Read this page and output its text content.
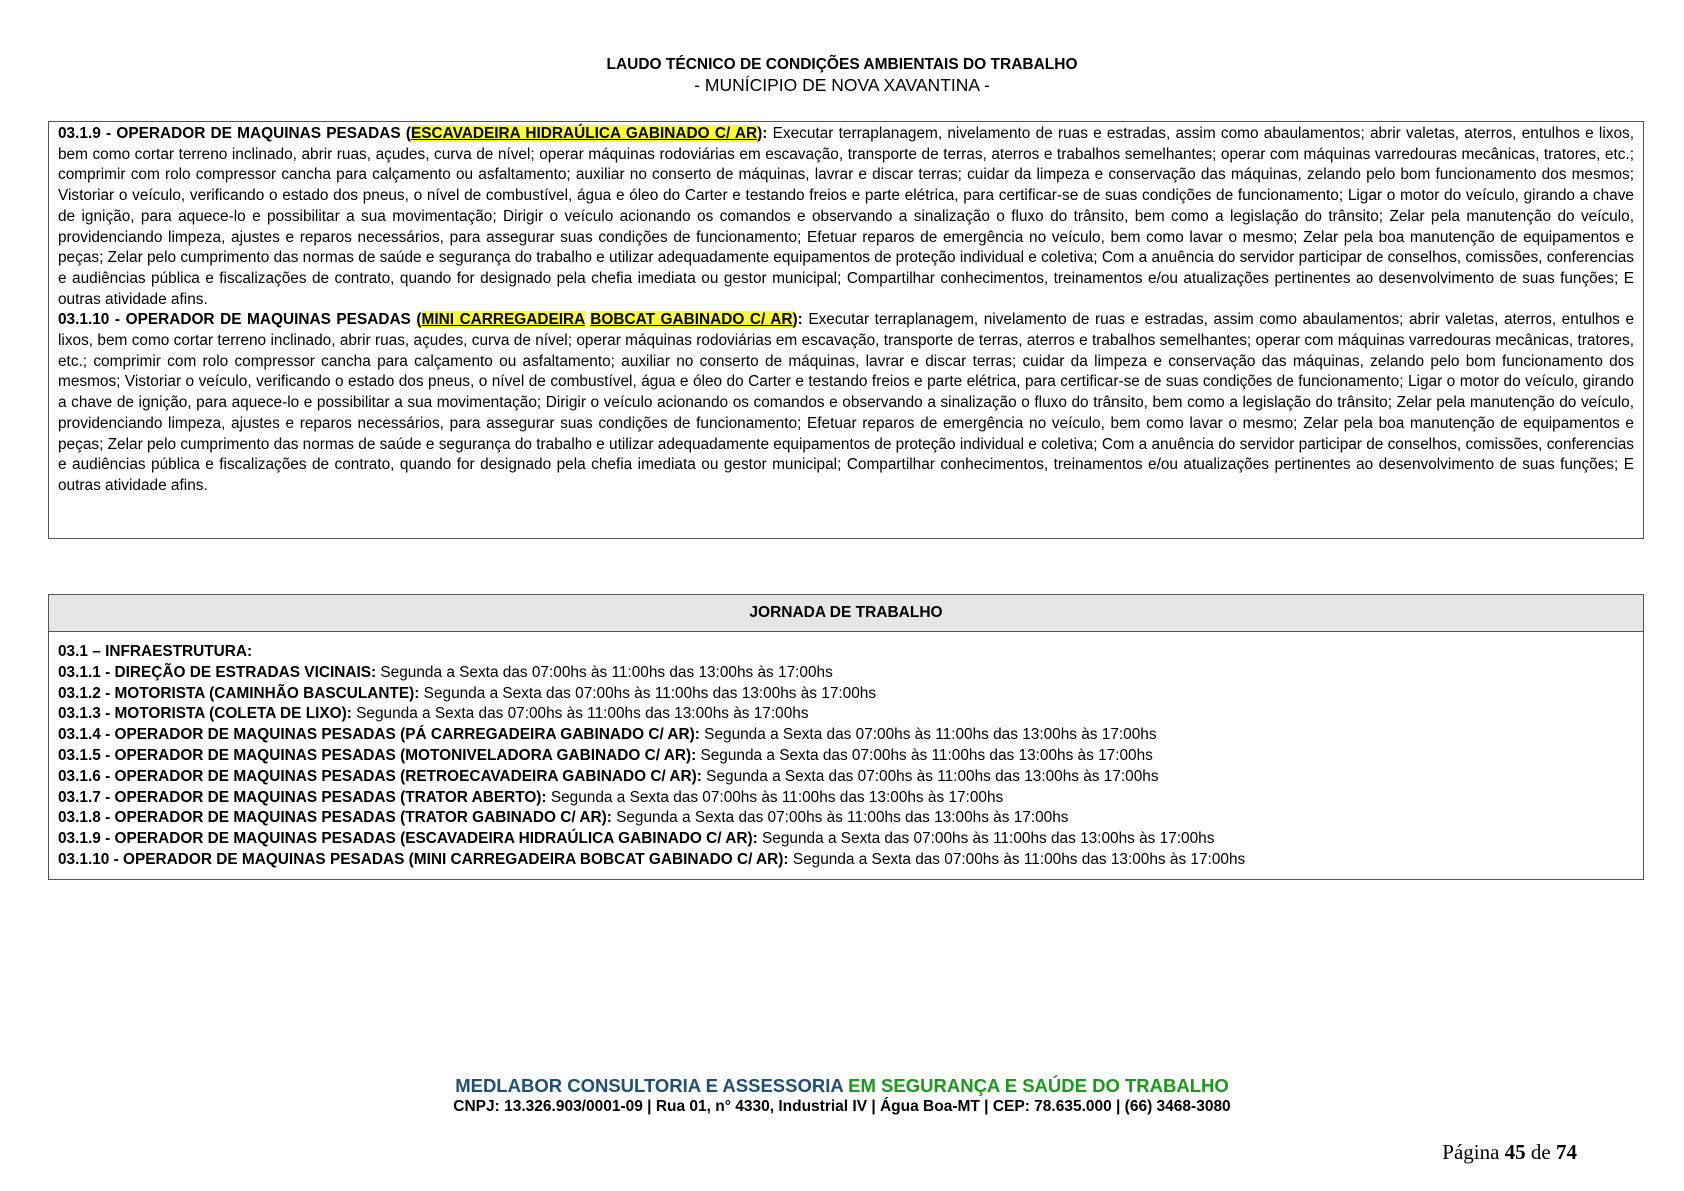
LAUDO TÉCNICO DE CONDIÇÕES AMBIENTAIS DO TRABALHO
- MUNÍCIPIO DE NOVA XAVANTINA -

03.1.9 - OPERADOR DE MAQUINAS PESADAS (ESCAVADEIRA HIDRAÚLICA GABINADO C/ AR): Executar terraplanagem, nivelamento de ruas e estradas, assim como abaulamentos; abrir valetas, aterros, entulhos e lixos, bem como cortar terreno inclinado, abrir ruas, açudes, curva de nível; operar máquinas rodoviárias em escavação, transporte de terras, aterros e trabalhos semelhantes; operar com máquinas varredouras mecânicas, tratores, etc.; comprimir com rolo compressor cancha para calçamento ou asfaltamento; auxiliar no conserto de máquinas, lavrar e discar terras; cuidar da limpeza e conservação das máquinas, zelando pelo bom funcionamento dos mesmos; Vistoriar o veículo, verificando o estado dos pneus, o nível de combustível, água e óleo do Carter e testando freios e parte elétrica, para certificar-se de suas condições de funcionamento; Ligar o motor do veículo, girando a chave de ignição, para aquece-lo e possibilitar a sua movimentação; Dirigir o veículo acionando os comandos e observando a sinalização o fluxo do trânsito, bem como a legislação do trânsito; Zelar pela manutenção do veículo, providenciando limpeza, ajustes e reparos necessários, para assegurar suas condições de funcionamento; Efetuar reparos de emergência no veículo, bem como lavar o mesmo; Zelar pela boa manutenção de equipamentos e peças; Zelar pelo cumprimento das normas de saúde e segurança do trabalho e utilizar adequadamente equipamentos de proteção individual e coletiva; Com a anuência do servidor participar de conselhos, comissões, conferencias e audiências pública e fiscalizações de contrato, quando for designado pela chefia imediata ou gestor municipal; Compartilhar conhecimentos, treinamentos e/ou atualizações pertinentes ao desenvolvimento de suas funções; E outras atividade afins.

03.1.10 - OPERADOR DE MAQUINAS PESADAS (MINI CARREGADEIRA BOBCAT GABINADO C/ AR): Executar terraplanagem, nivelamento de ruas e estradas, assim como abaulamentos; abrir valetas, aterros, entulhos e lixos, bem como cortar terreno inclinado, abrir ruas, açudes, curva de nível; operar máquinas rodoviárias em escavação, transporte de terras, aterros e trabalhos semelhantes; operar com máquinas varredouras mecânicas, tratores, etc.; comprimir com rolo compressor cancha para calçamento ou asfaltamento; auxiliar no conserto de máquinas, lavrar e discar terras; cuidar da limpeza e conservação das máquinas, zelando pelo bom funcionamento dos mesmos; Vistoriar o veículo, verificando o estado dos pneus, o nível de combustível, água e óleo do Carter e testando freios e parte elétrica, para certificar-se de suas condições de funcionamento; Ligar o motor do veículo, girando a chave de ignição, para aquece-lo e possibilitar a sua movimentação; Dirigir o veículo acionando os comandos e observando a sinalização o fluxo do trânsito, bem como a legislação do trânsito; Zelar pela manutenção do veículo, providenciando limpeza, ajustes e reparos necessários, para assegurar suas condições de funcionamento; Efetuar reparos de emergência no veículo, bem como lavar o mesmo; Zelar pela boa manutenção de equipamentos e peças; Zelar pelo cumprimento das normas de saúde e segurança do trabalho e utilizar adequadamente equipamentos de proteção individual e coletiva; Com a anuência do servidor participar de conselhos, comissões, conferencias e audiências pública e fiscalizações de contrato, quando for designado pela chefia imediata ou gestor municipal; Compartilhar conhecimentos, treinamentos e/ou atualizações pertinentes ao desenvolvimento de suas funções; E outras atividade afins.

JORNADA DE TRABALHO
03.1 – INFRAESTRUTURA:
03.1.1 - DIREÇÃO DE ESTRADAS VICINAIS: Segunda a Sexta das 07:00hs às 11:00hs das 13:00hs às 17:00hs
03.1.2 - MOTORISTA (CAMINHÃO BASCULANTE): Segunda a Sexta das 07:00hs às 11:00hs das 13:00hs às 17:00hs
03.1.3 - MOTORISTA (COLETA DE LIXO): Segunda a Sexta das 07:00hs às 11:00hs das 13:00hs às 17:00hs
03.1.4 - OPERADOR DE MAQUINAS PESADAS (PÁ CARREGADEIRA GABINADO C/ AR): Segunda a Sexta das 07:00hs às 11:00hs das 13:00hs às 17:00hs
03.1.5 - OPERADOR DE MAQUINAS PESADAS (MOTONIVELADORA GABINADO C/ AR): Segunda a Sexta das 07:00hs às 11:00hs das 13:00hs às 17:00hs
03.1.6 - OPERADOR DE MAQUINAS PESADAS (RETROECAVADEIRA GABINADO C/ AR): Segunda a Sexta das 07:00hs às 11:00hs das 13:00hs às 17:00hs
03.1.7 - OPERADOR DE MAQUINAS PESADAS (TRATOR ABERTO): Segunda a Sexta das 07:00hs às 11:00hs das 13:00hs às 17:00hs
03.1.8 - OPERADOR DE MAQUINAS PESADAS (TRATOR GABINADO C/ AR): Segunda a Sexta das 07:00hs às 11:00hs das 13:00hs às 17:00hs
03.1.9 - OPERADOR DE MAQUINAS PESADAS (ESCAVADEIRA HIDRAÚLICA GABINADO C/ AR): Segunda a Sexta das 07:00hs às 11:00hs das 13:00hs às 17:00hs
03.1.10 - OPERADOR DE MAQUINAS PESADAS (MINI CARREGADEIRA BOBCAT GABINADO C/ AR): Segunda a Sexta das 07:00hs às 11:00hs das 13:00hs às 17:00hs
MEDLABOR CONSULTORIA E ASSESSORIA EM SEGURANÇA E SAÚDE DO TRABALHO
CNPJ: 13.326.903/0001-09 | Rua 01, n° 4330, Industrial IV | Água Boa-MT | CEP: 78.635.000 | (66) 3468-3080
Página 45 de 74
